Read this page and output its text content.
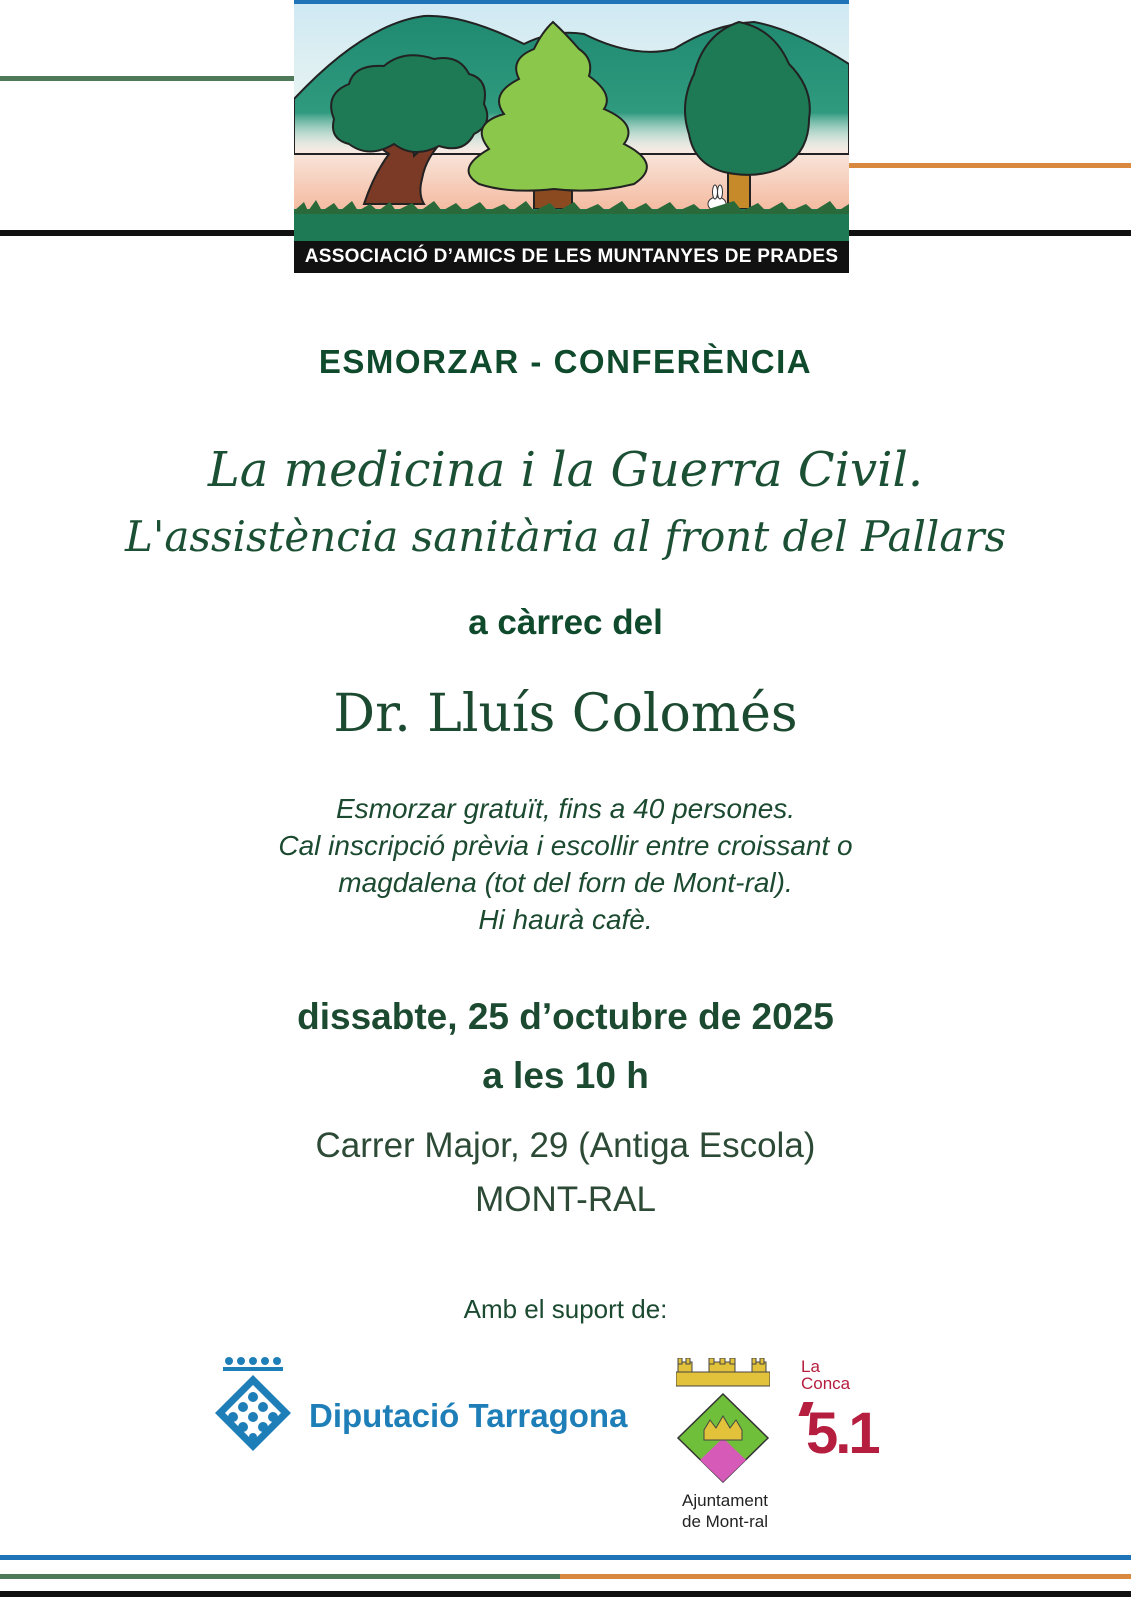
ASSOCIACIÓ D’AMICS DE LES MUNTANYES DE PRADES
ESMORZAR - CONFERÈNCIA
La medicina i la Guerra Civil.
L'assistència sanitària al front del Pallars
a càrrec del
Dr. Lluís Colomés
Esmorzar gratuït, fins a 40 persones.
Cal inscripció prèvia i escollir entre croissant o
magdalena (tot del forn de Mont-ral).
Hi haurà cafè.
dissabte, 25 d’octubre de 2025
a les 10 h
Carrer Major, 29 (Antiga Escola)
MONT-RAL
Amb el suport de:
Diputació Tarragona
Ajuntament
de Mont-ral
La
Conca
5.1
